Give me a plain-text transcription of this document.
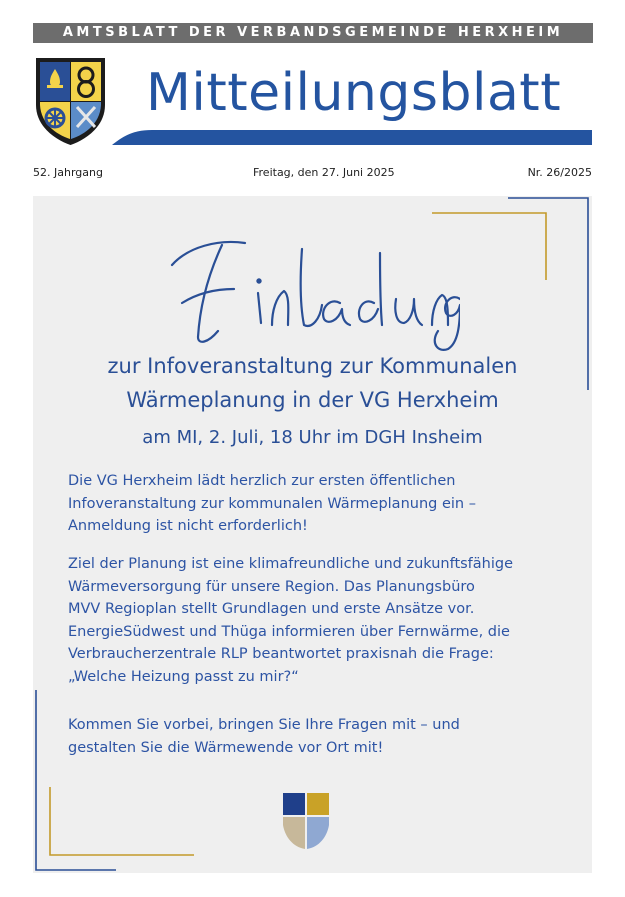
AMTSBLATT DER VERBANDSGEMEINDE HERXHEIM
Mitteilungsblatt
52. Jahrgang	Freitag, den 27. Juni 2025	Nr. 26/2025
zur Infoveranstaltung zur Kommunalen
Wärmeplanung in der VG Herxheim
am MI, 2. Juli, 18 Uhr im DGH Insheim

Die VG Herxheim lädt herzlich zur ersten öffentlichen
Infoveranstaltung zur kommunalen Wärmeplanung ein –
Anmeldung ist nicht erforderlich!

Ziel der Planung ist eine klimafreundliche und zukunftsfähige
Wärmeversorgung für unsere Region. Das Planungsbüro
MVV Regioplan stellt Grundlagen und erste Ansätze vor.
EnergieSüdwest und Thüga informieren über Fernwärme, die
Verbraucherzentrale RLP beantwortet praxisnah die Frage:
„Welche Heizung passt zu mir?“

Kommen Sie vorbei, bringen Sie Ihre Fragen mit – und
gestalten Sie die Wärmewende vor Ort mit!
